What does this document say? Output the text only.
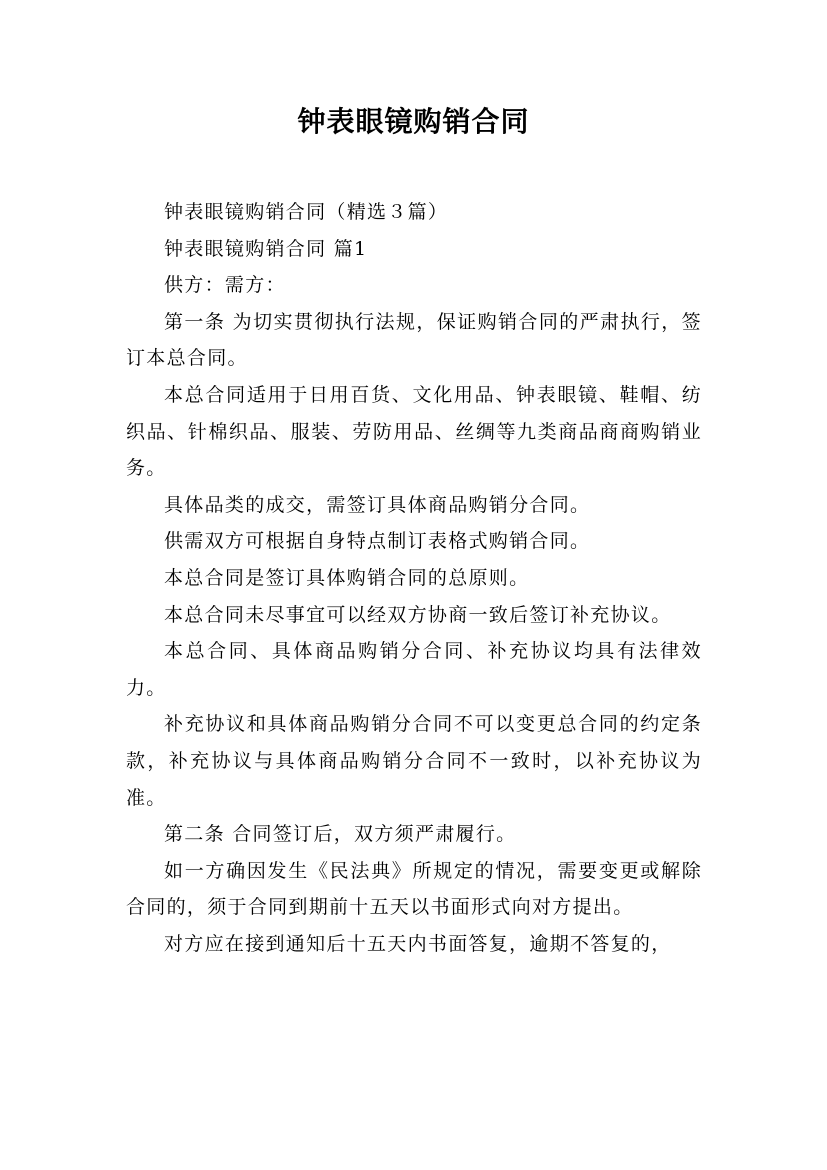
钟表眼镜购销合同

钟表眼镜购销合同（精选３篇）

钟表眼镜购销合同 篇1

供方：需方：

第一条 为切实贯彻执行法规，保证购销合同的严肃执行，签订本总合同。

本总合同适用于日用百货、文化用品、钟表眼镜、鞋帽、纺织品、针棉织品、服装、劳防用品、丝绸等九类商品商商购销业务。

具体品类的成交，需签订具体商品购销分合同。

供需双方可根据自身特点制订表格式购销合同。

本总合同是签订具体购销合同的总原则。

本总合同未尽事宜可以经双方协商一致后签订补充协议。

本总合同、具体商品购销分合同、补充协议均具有法律效力。

补充协议和具体商品购销分合同不可以变更总合同的约定条款，补充协议与具体商品购销分合同不一致时，以补充协议为准。

第二条 合同签订后，双方须严肃履行。

如一方确因发生《民法典》所规定的情况，需要变更或解除合同的，须于合同到期前十五天以书面形式向对方提出。

对方应在接到通知后十五天内书面答复，逾期不答复的，
